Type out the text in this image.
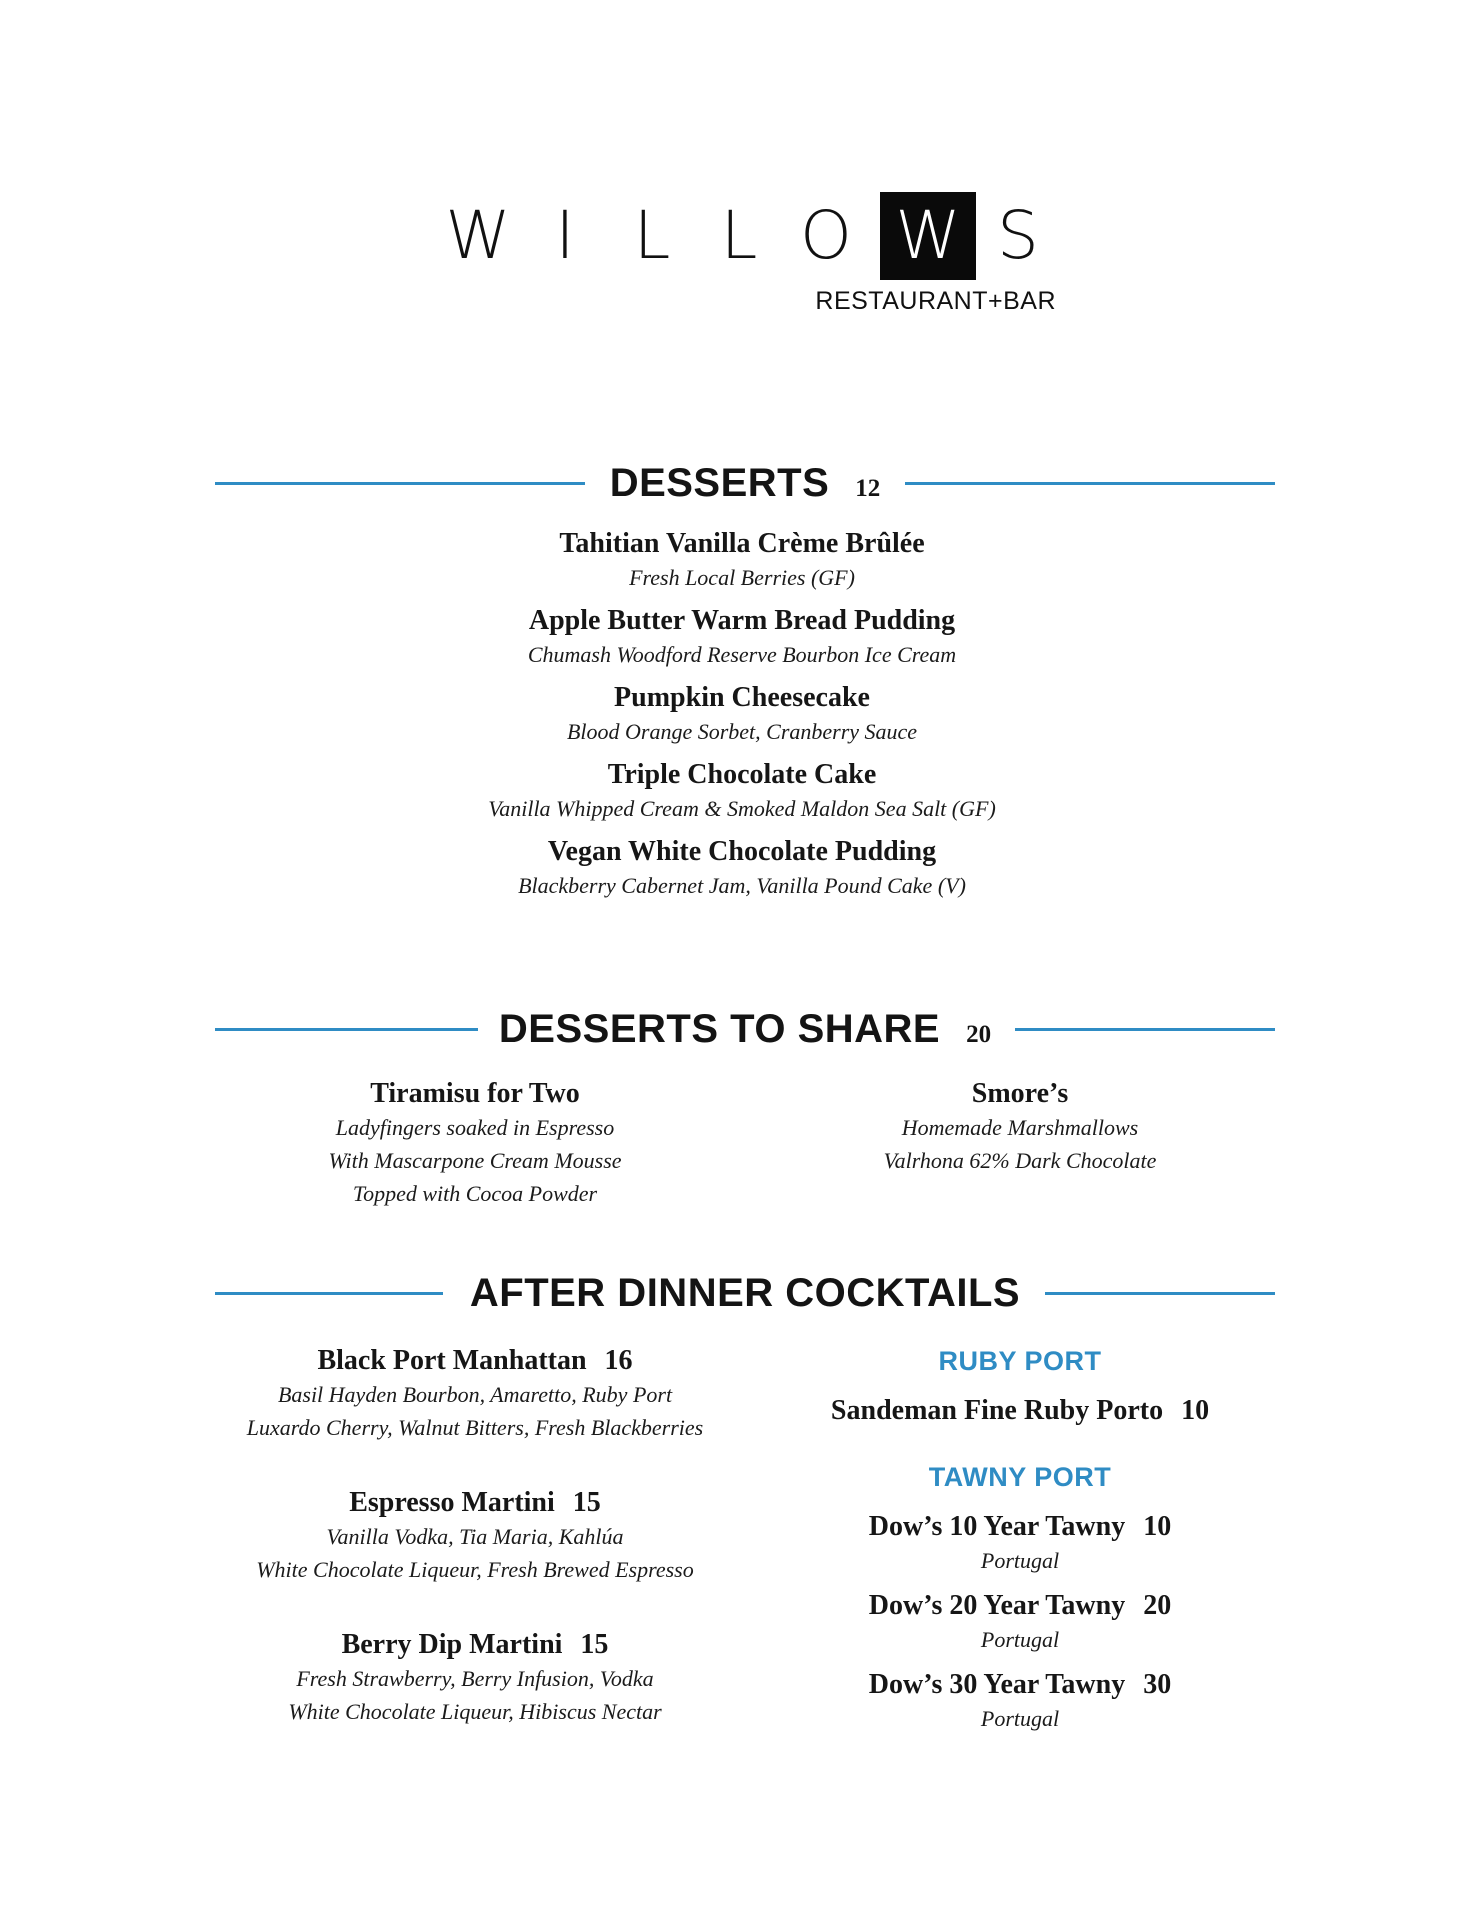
W I L L O W S
RESTAURANT+BAR
DESSERTS 12
Tahitian Vanilla Crème Brûlée
Fresh Local Berries (GF)
Apple Butter Warm Bread Pudding
Chumash Woodford Reserve Bourbon Ice Cream
Pumpkin Cheesecake
Blood Orange Sorbet, Cranberry Sauce
Triple Chocolate Cake
Vanilla Whipped Cream & Smoked Maldon Sea Salt (GF)
Vegan White Chocolate Pudding
Blackberry Cabernet Jam, Vanilla Pound Cake (V)
DESSERTS TO SHARE 20
Tiramisu for Two
Ladyfingers soaked in Espresso
With Mascarpone Cream Mousse
Topped with Cocoa Powder
Smore’s
Homemade Marshmallows
Valrhona 62% Dark Chocolate
AFTER DINNER COCKTAILS
Black Port Manhattan 16
Basil Hayden Bourbon, Amaretto, Ruby Port
Luxardo Cherry, Walnut Bitters, Fresh Blackberries
Espresso Martini 15
Vanilla Vodka, Tia Maria, Kahlúa
White Chocolate Liqueur, Fresh Brewed Espresso
Berry Dip Martini 15
Fresh Strawberry, Berry Infusion, Vodka
White Chocolate Liqueur, Hibiscus Nectar
RUBY PORT
Sandeman Fine Ruby Porto 10
TAWNY PORT
Dow’s 10 Year Tawny 10
Portugal
Dow’s 20 Year Tawny 20
Portugal
Dow’s 30 Year Tawny 30
Portugal
